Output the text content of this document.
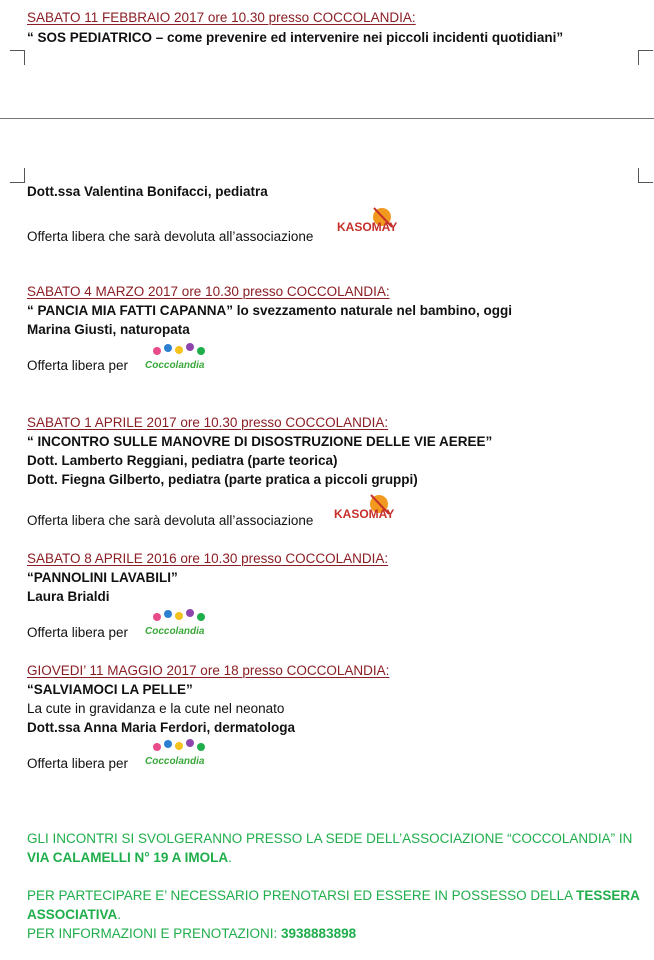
SABATO 11 FEBBRAIO 2017 ore 10.30 presso COCCOLANDIA:
“ SOS PEDIATRICO – come prevenire ed intervenire nei piccoli incidenti quotidiani”
Dott.ssa Valentina Bonifacci, pediatra
Offerta libera che sarà devoluta all’associazione
KASOMAY
SABATO 4 MARZO 2017 ore 10.30 presso COCCOLANDIA:
“ PANCIA MIA FATTI CAPANNA” lo svezzamento naturale nel bambino, oggi
Marina Giusti, naturopata
Offerta libera per Coccolandia
SABATO 1 APRILE 2017 ore 10.30 presso COCCOLANDIA:
“ INCONTRO SULLE MANOVRE DI DISOSTRUZIONE DELLE VIE AEREE”
Dott. Lamberto Reggiani, pediatra (parte teorica)
Dott. Fiegna Gilberto, pediatra (parte pratica a piccoli gruppi)
Offerta libera che sarà devoluta all’associazione KASOMAY
SABATO 8 APRILE 2016 ore 10.30 presso COCCOLANDIA:
“PANNOLINI LAVABILI”
Laura Brialdi
Offerta libera per Coccolandia
GIOVEDI’ 11 MAGGIO 2017 ore 18 presso COCCOLANDIA:
“SALVIAMOCI LA PELLE”
La cute in gravidanza e la cute nel neonato
Dott.ssa Anna Maria Ferdori, dermatologa
Offerta libera per Coccolandia
GLI INCONTRI SI SVOLGERANNO PRESSO LA SEDE DELL’ASSOCIAZIONE “COCCOLANDIA” IN
VIA CALAMELLI N° 19 A IMOLA.
PER PARTECIPARE E’ NECESSARIO PRENOTARSI ED ESSERE IN POSSESSO DELLA TESSERA
ASSOCIATIVA.
PER INFORMAZIONI E PRENOTAZIONI: 3938883898
